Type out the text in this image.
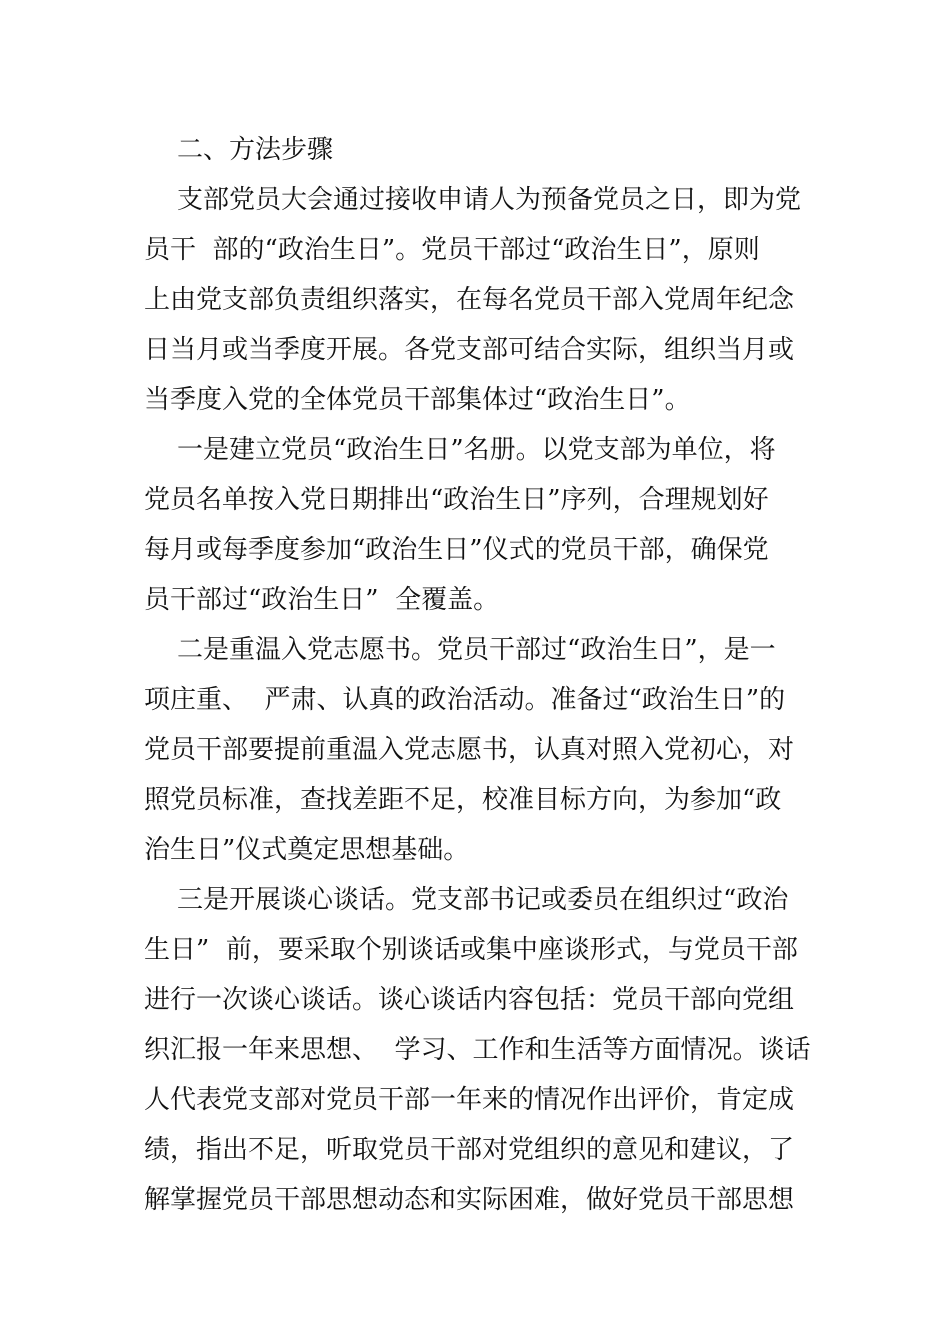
二、方法步骤
支部党员大会通过接收申请人为预备党员之日，即为党
员干  部的“政治生日”。党员干部过“政治生日”，原则
上由党支部负责组织落实，在每名党员干部入党周年纪念
日当月或当季度开展。各党支部可结合实际，组织当月或
当季度入党的全体党员干部集体过“政治生日”。
一是建立党员“政治生日”名册。以党支部为单位，将
党员名单按入党日期排出“政治生日”序列，合理规划好
每月或每季度参加“政治生日”仪式的党员干部，确保党
员干部过“政治生日”  全覆盖。
二是重温入党志愿书。党员干部过“政治生日”，是一
项庄重、  严肃、认真的政治活动。准备过“政治生日”的
党员干部要提前重温入党志愿书，认真对照入党初心，对
照党员标准，查找差距不足，校准目标方向，为参加“政
治生日”仪式奠定思想基础。
三是开展谈心谈话。党支部书记或委员在组织过“政治
生日”  前，要采取个别谈话或集中座谈形式，与党员干部
进行一次谈心谈话。谈心谈话内容包括：党员干部向党组
织汇报一年来思想、  学习、工作和生活等方面情况。谈话
人代表党支部对党员干部一年来的情况作出评价，肯定成
绩，指出不足，听取党员干部对党组织的意见和建议，了
解掌握党员干部思想动态和实际困难，做好党员干部思想
